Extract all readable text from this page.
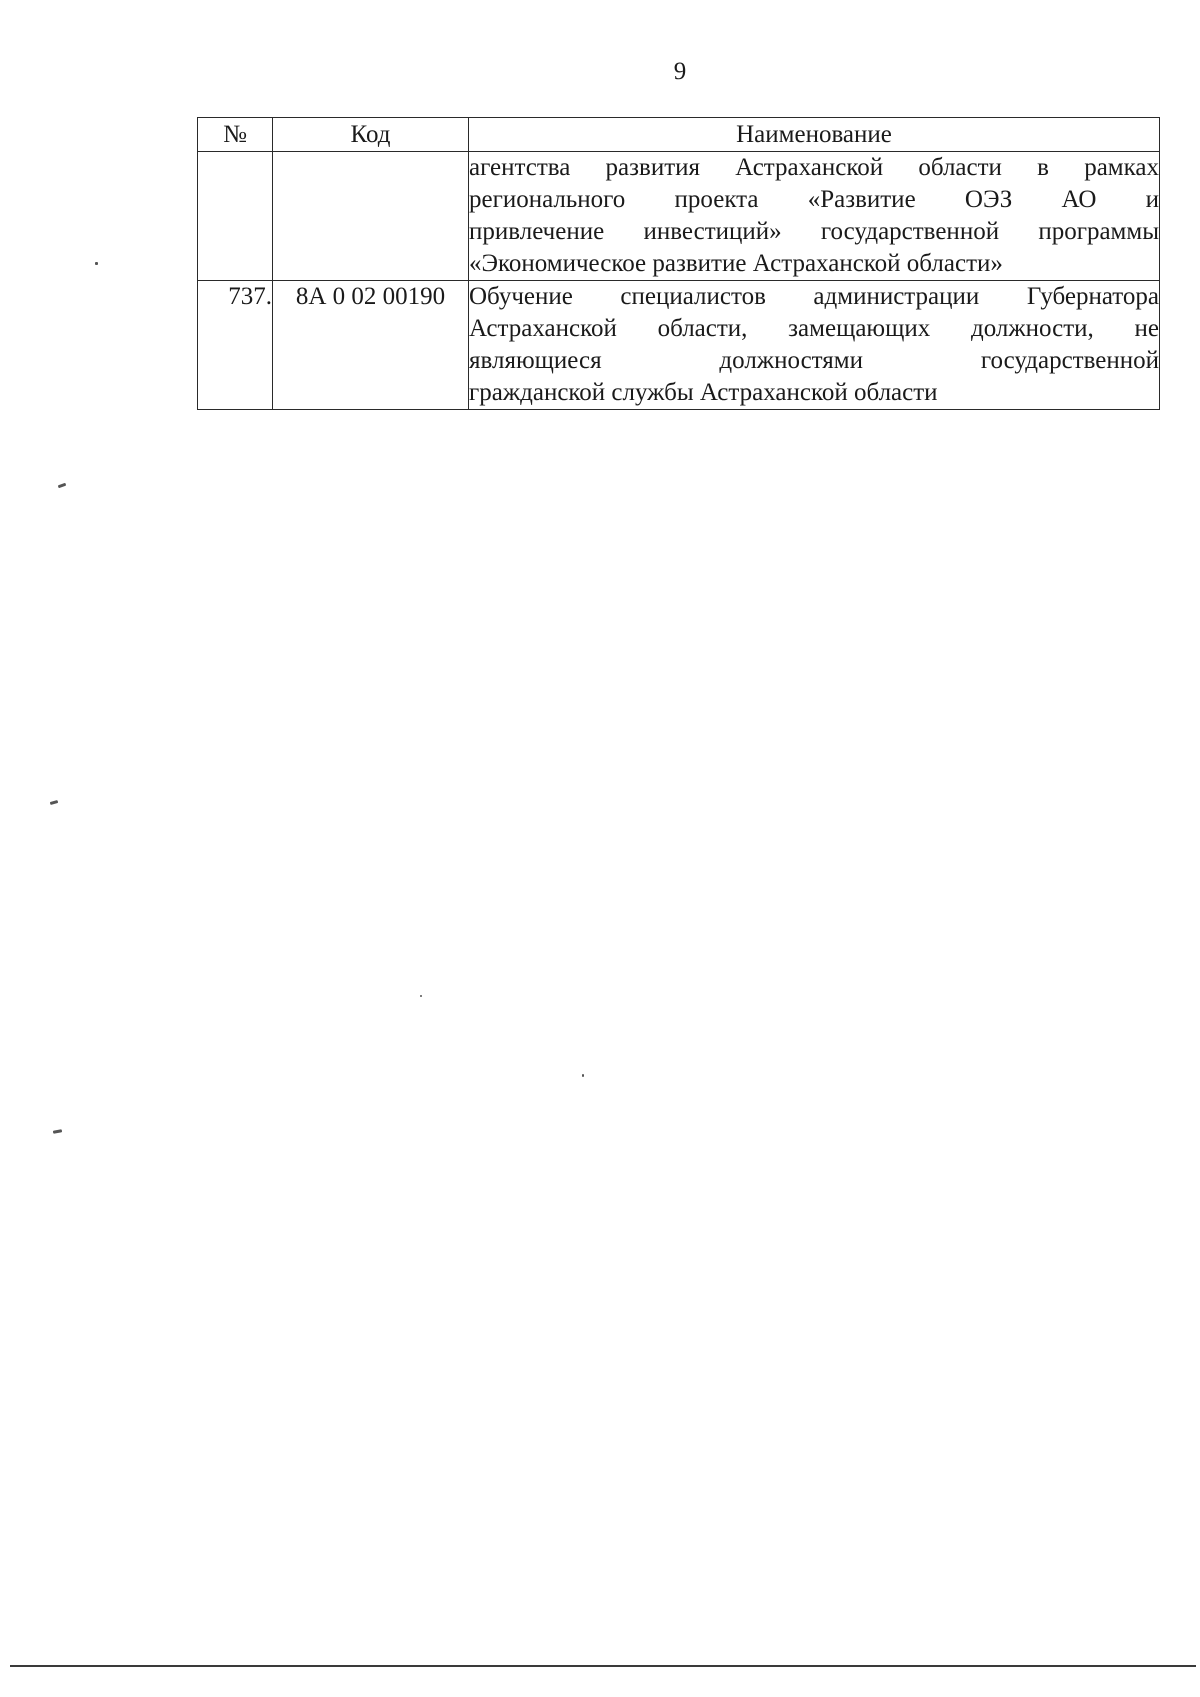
9
№	Код	Наименование

		агентства развития Астраханской области в рамках
регионального проекта «Развитие ОЭЗ АО и
привлечение инвестиций» государственной программы
«Экономическое развитие Астраханской области»

737.	8А 0 02 00190	Обучение специалистов администрации Губернатора
Астраханской области, замещающих должности, не
являющиеся должностями государственной
гражданской службы Астраханской области
